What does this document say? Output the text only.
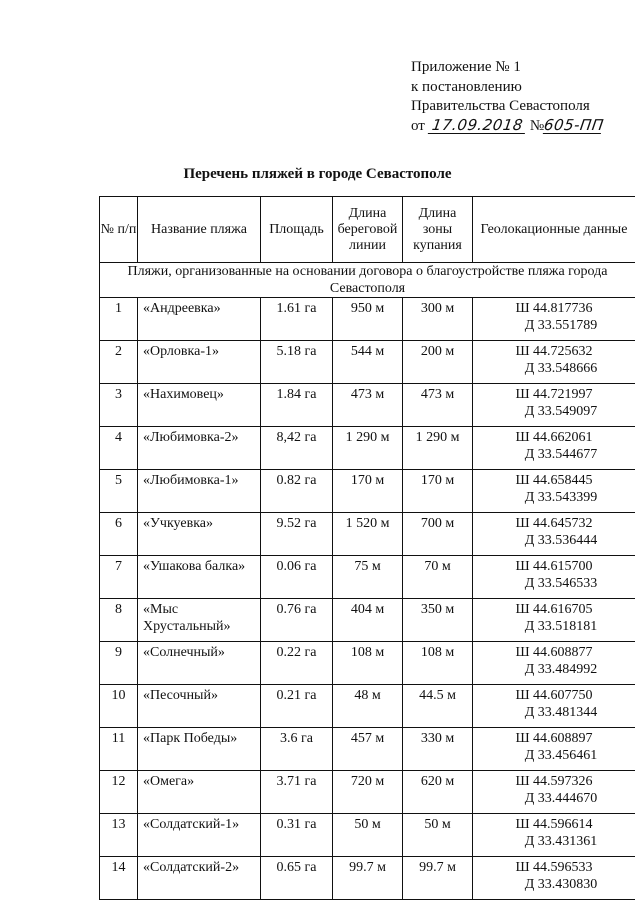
Приложение № 1
к постановлению
Правительства Севастополя
от 17.09.2018 №605-ПП
Перечень пляжей в городе Севастополе
№ п/п	Название пляжа	Площадь	Длина береговой линии	Длина зоны купания	Геолокационные данные
Пляжи, организованные на основании договора о благоустройстве пляжа города Севастополя					
1	«Андреевка»	1.61 га	950 м	300 м	Ш 44.817736
Д 33.551789

2	«Орловка-1»	5.18 га	544 м	200 м	Ш 44.725632
Д 33.548666

3	«Нахимовец»	1.84 га	473 м	473 м	Ш 44.721997
Д 33.549097

4	«Любимовка-2»	8,42 га	1 290 м	1 290 м	Ш 44.662061
Д 33.544677

5	«Любимовка-1»	0.82 га	170 м	170 м	Ш 44.658445
Д 33.543399

6	«Учкуевка»	9.52 га	1 520 м	700 м	Ш 44.645732
Д 33.536444

7	«Ушакова балка»	0.06 га	75 м	70 м	Ш 44.615700
Д 33.546533

8	«Мыс Хрустальный»	0.76 га	404 м	350 м	Ш 44.616705
Д 33.518181

9	«Солнечный»	0.22 га	108 м	108 м	Ш 44.608877
Д 33.484992

10	«Песочный»	0.21 га	48 м	44.5 м	Ш 44.607750
Д 33.481344

11	«Парк Победы»	3.6 га	457 м	330 м	Ш 44.608897
Д 33.456461

12	«Омега»	3.71 га	720 м	620 м	Ш 44.597326
Д 33.444670

13	«Солдатский-1»	0.31 га	50 м	50 м	Ш 44.596614
Д 33.431361

14	«Солдатский-2»	0.65 га	99.7 м	99.7 м	Ш 44.596533
Д 33.430830
